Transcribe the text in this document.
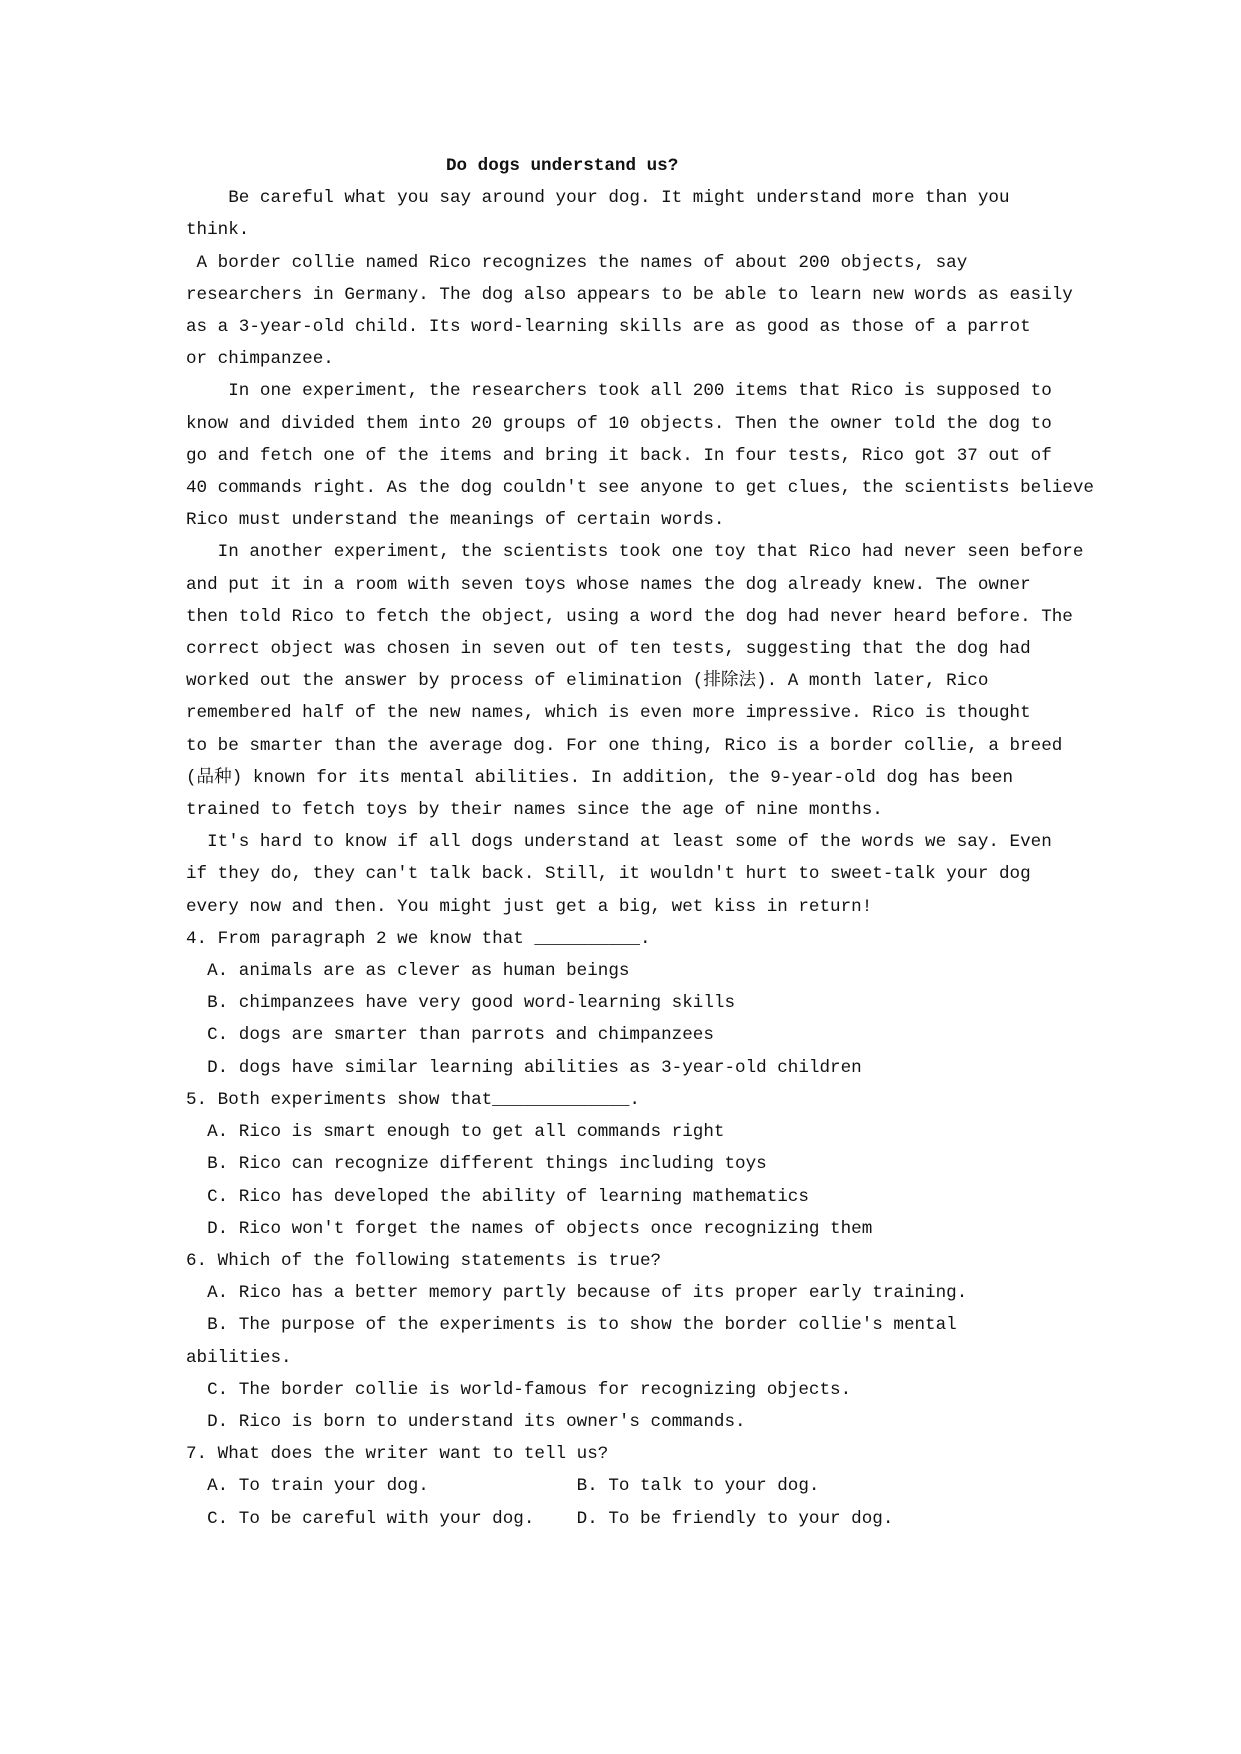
Do dogs understand us?
Be careful what you say around your dog. It might understand more than you
think.
A border collie named Rico recognizes the names of about 200 objects, say
researchers in Germany. The dog also appears to be able to learn new words as easily
as a 3-year-old child. Its word-learning skills are as good as those of a parrot
or chimpanzee.
In one experiment, the researchers took all 200 items that Rico is supposed to
know and divided them into 20 groups of 10 objects. Then the owner told the dog to
go and fetch one of the items and bring it back. In four tests, Rico got 37 out of
40 commands right. As the dog couldn't see anyone to get clues, the scientists believe
Rico must understand the meanings of certain words.
In another experiment, the scientists took one toy that Rico had never seen before
and put it in a room with seven toys whose names the dog already knew. The owner
then told Rico to fetch the object, using a word the dog had never heard before. The
correct object was chosen in seven out of ten tests, suggesting that the dog had
worked out the answer by process of elimination (排除法). A month later, Rico
remembered half of the new names, which is even more impressive. Rico is thought
to be smarter than the average dog. For one thing, Rico is a border collie, a breed
(品种) known for its mental abilities. In addition, the 9-year-old dog has been
trained to fetch toys by their names since the age of nine months.
It's hard to know if all dogs understand at least some of the words we say. Even
if they do, they can't talk back. Still, it wouldn't hurt to sweet-talk your dog
every now and then. You might just get a big, wet kiss in return!
4. From paragraph 2 we know that __________.
A. animals are as clever as human beings
B. chimpanzees have very good word-learning skills
C. dogs are smarter than parrots and chimpanzees
D. dogs have similar learning abilities as 3-year-old children
5. Both experiments show that_____________.
A. Rico is smart enough to get all commands right
B. Rico can recognize different things including toys
C. Rico has developed the ability of learning mathematics
D. Rico won't forget the names of objects once recognizing them
6. Which of the following statements is true?
A. Rico has a better memory partly because of its proper early training.
B. The purpose of the experiments is to show the border collie's mental
abilities.
C. The border collie is world-famous for recognizing objects.
D. Rico is born to understand its owner's commands.
7. What does the writer want to tell us?
A. To train your dog.              B. To talk to your dog.
C. To be careful with your dog.    D. To be friendly to your dog.
